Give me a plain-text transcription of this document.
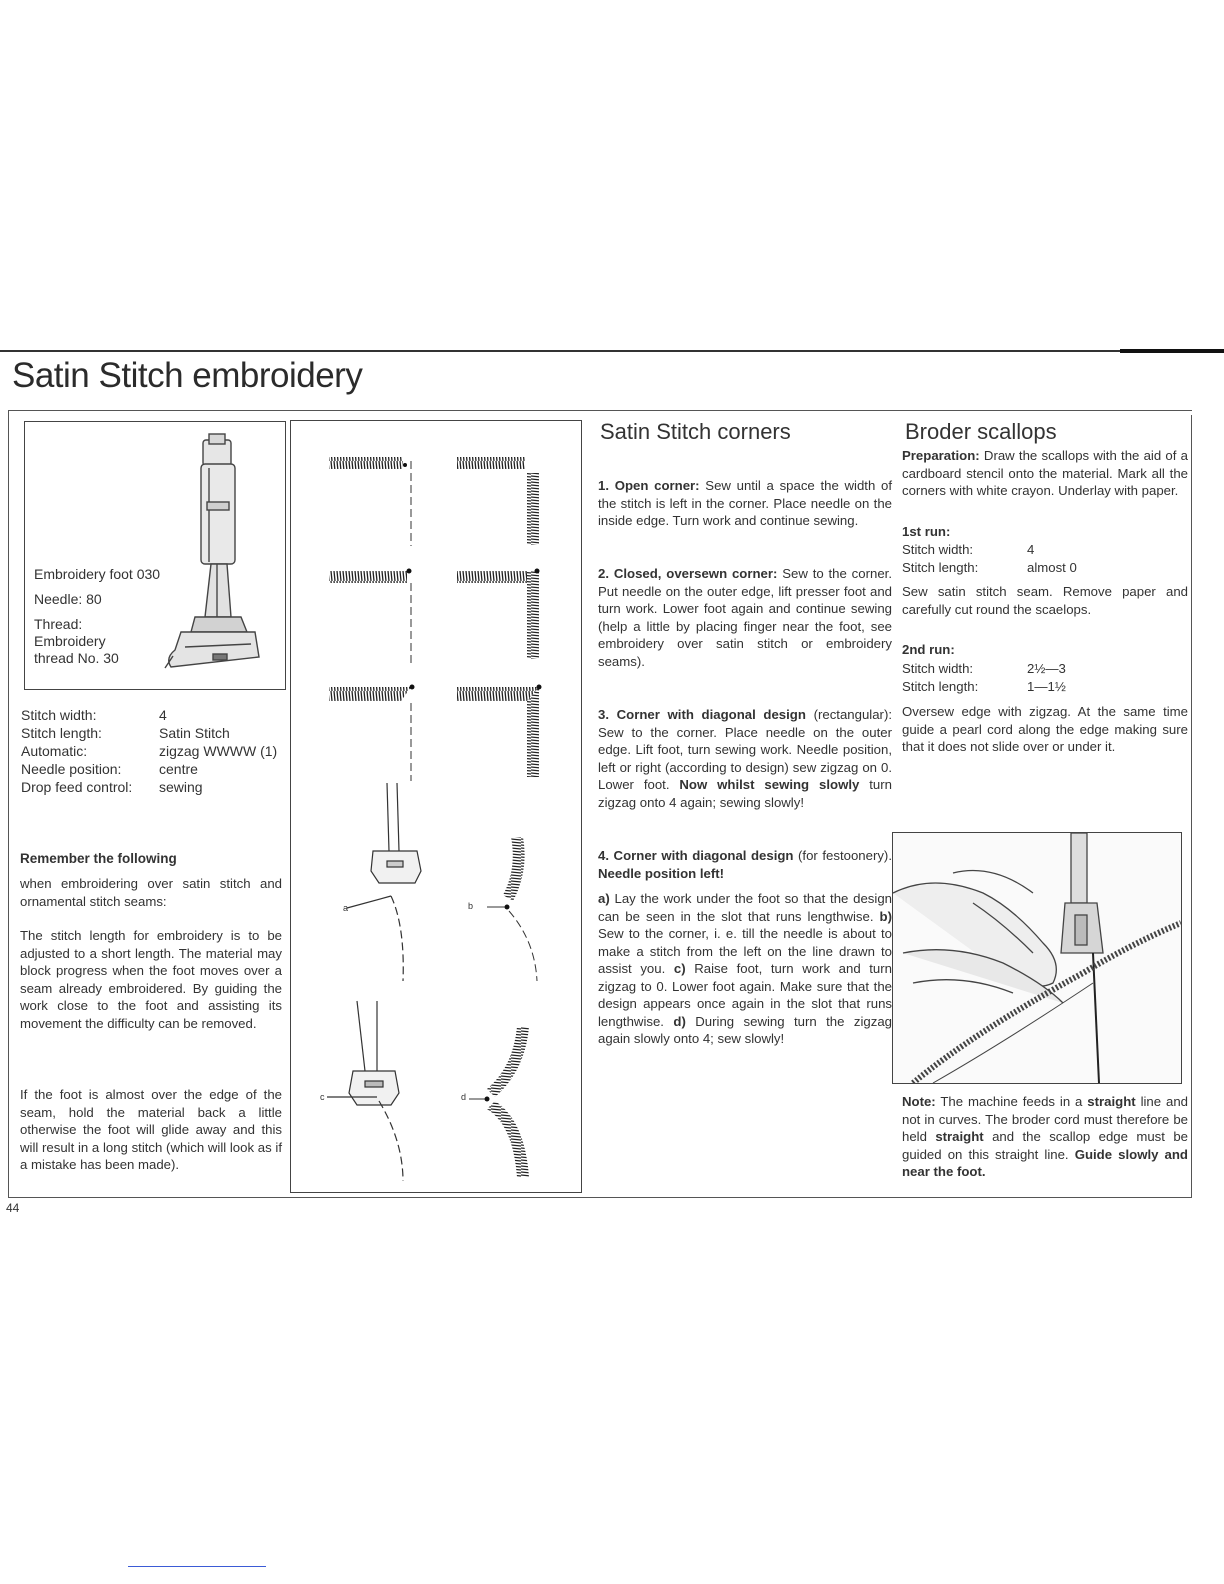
Satin Stitch embroidery
Embroidery foot 030
Needle: 80
Thread:
Embroidery
thread No. 30
Stitch width:	4
Stitch length:	Satin Stitch
Automatic:	zigzag WWWW (1)
Needle position:	centre
Drop feed control:	sewing
Remember the following
when embroidering over satin stitch and ornamental stitch seams:
The stitch length for embroidery is to be adjusted to a short length. The material may block progress when the foot moves over a seam already embroidered. By guiding the work close to the foot and assisting its movement the difficulty can be removed.
If the foot is almost over the edge of the seam, hold the material back a little otherwise the foot will glide away and this will result in a long stitch (which will look as if a mistake has been made).
a	b
c	d
Satin Stitch corners
1. Open corner: Sew until a space the width of the stitch is left in the corner. Place needle on the inside edge. Turn work and continue sewing.
2. Closed, oversewn corner: Sew to the corner. Put needle on the outer edge, lift presser foot and turn work. Lower foot again and continue sewing (help a little by placing finger near the foot, see embroidery over satin stitch or embroidery seams).
3. Corner with diagonal design (rectangular): Sew to the corner. Place needle on the outer edge. Lift foot, turn sewing work. Needle position, left or right (according to design) sew zigzag on 0. Lower foot. Now whilst sewing slowly turn zigzag onto 4 again; sewing slowly!
4. Corner with diagonal design (for festoonery). Needle position left!
a) Lay the work under the foot so that the design can be seen in the slot that runs lengthwise. b) Sew to the corner, i. e. till the needle is about to make a stitch from the left on the line drawn to assist you. c) Raise foot, turn work and turn zigzag to 0. Lower foot again. Make sure that the design appears once again in the slot that runs lengthwise. d) During sewing turn the zigzag again slowly onto 4; sew slowly!
Broder scallops
Preparation: Draw the scallops with the aid of a cardboard stencil onto the material. Mark all the corners with white crayon. Underlay with paper.
1st run:
Stitch width:	4
Stitch length:	almost 0
Sew satin stitch seam. Remove paper and carefully cut round the scaelops.
2nd run:
Stitch width:	2½—3
Stitch length:	1—1½
Oversew edge with zigzag. At the same time guide a pearl cord along the edge making sure that it does not slide over or under it.
Note: The machine feeds in a straight line and not in curves. The broder cord must therefore be held straight and the scallop edge must be guided on this straight line. Guide slowly and near the foot.
44
